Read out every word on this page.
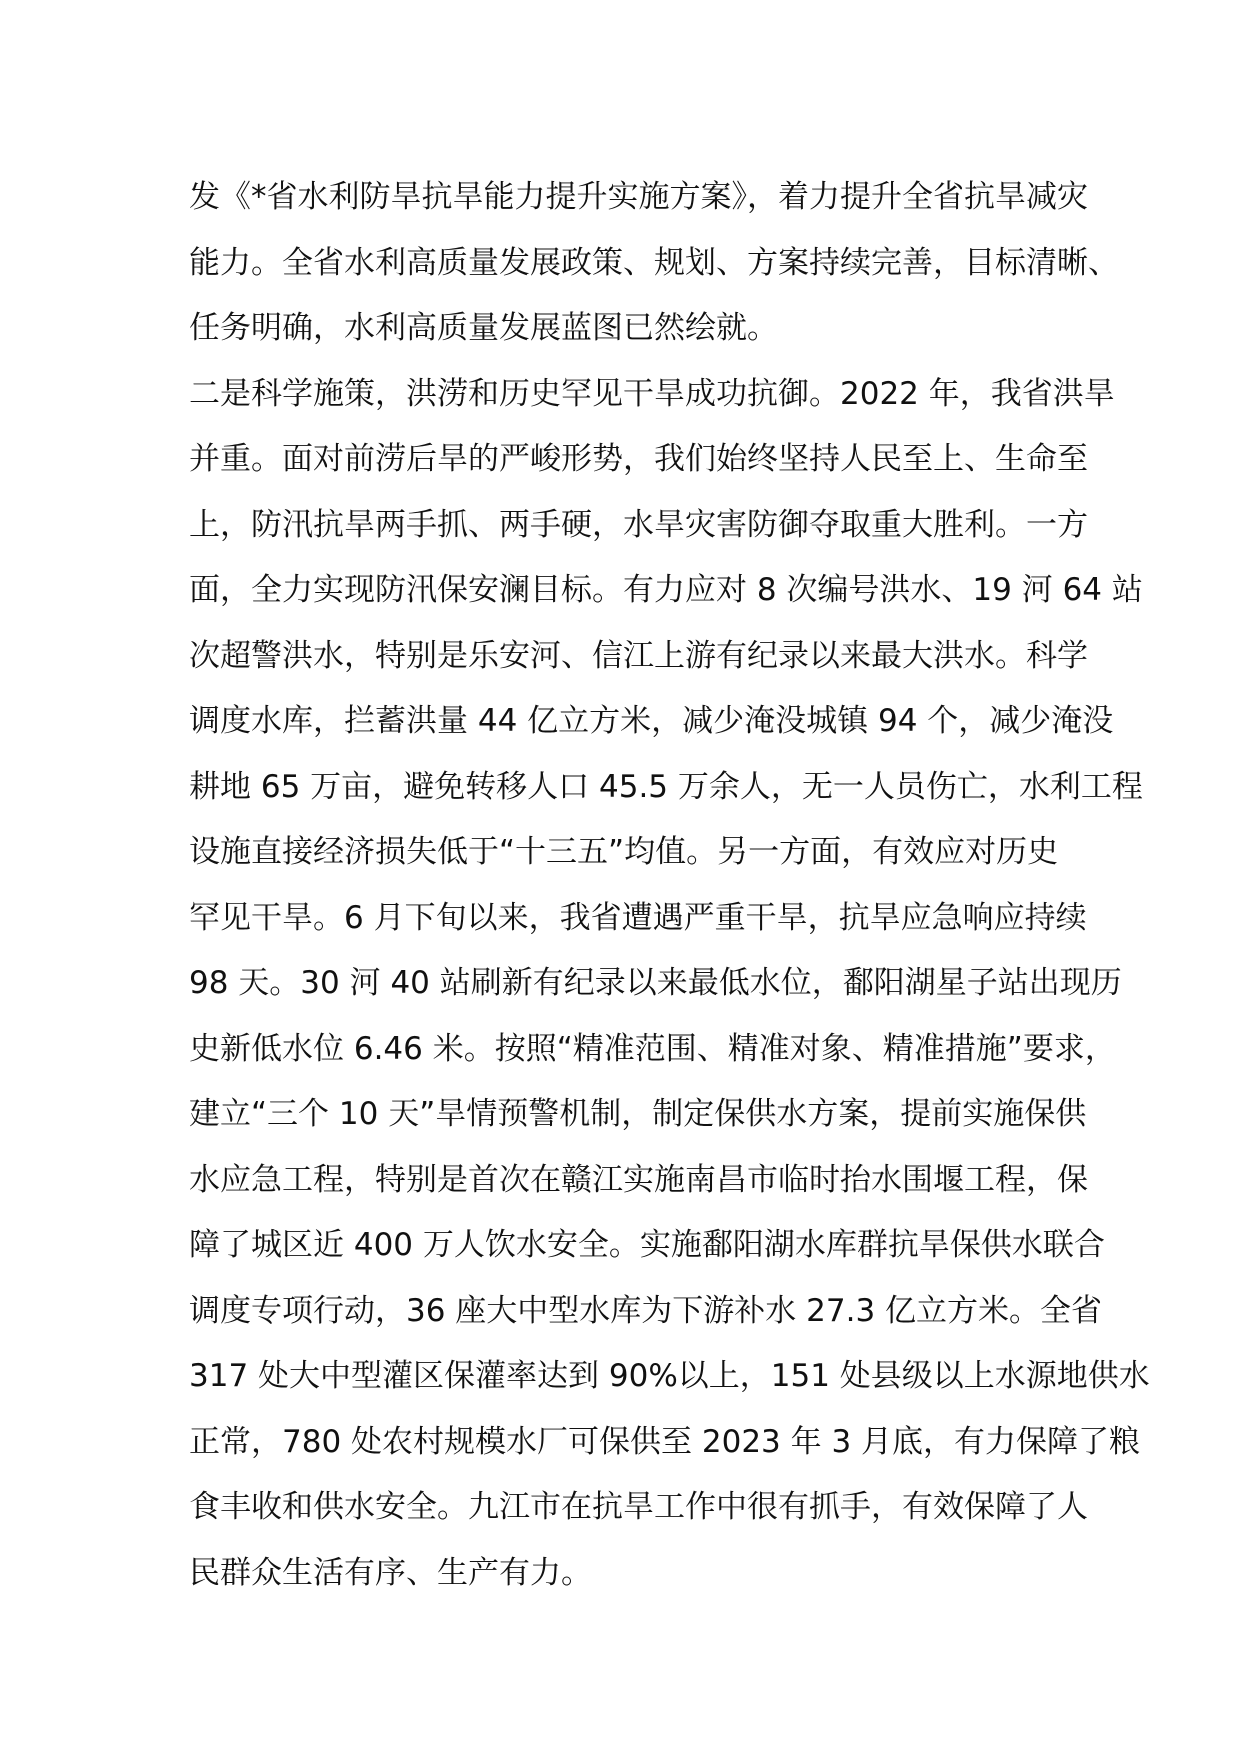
发《*省水利防旱抗旱能力提升实施方案》，着力提升全省抗旱减灾
能力。全省水利高质量发展政策、规划、方案持续完善，目标清晰、
任务明确，水利高质量发展蓝图已然绘就。
二是科学施策，洪涝和历史罕见干旱成功抗御。2022 年，我省洪旱
并重。面对前涝后旱的严峻形势，我们始终坚持人民至上、生命至
上，防汛抗旱两手抓、两手硬，水旱灾害防御夺取重大胜利。一方
面，全力实现防汛保安澜目标。有力应对 8 次编号洪水、19 河 64 站
次超警洪水，特别是乐安河、信江上游有纪录以来最大洪水。科学
调度水库，拦蓄洪量 44 亿立方米，减少淹没城镇 94 个，减少淹没
耕地 65 万亩，避免转移人口 45.5 万余人，无一人员伤亡，水利工程
设施直接经济损失低于“十三五”均值。另一方面，有效应对历史
罕见干旱。6 月下旬以来，我省遭遇严重干旱，抗旱应急响应持续
98 天。30 河 40 站刷新有纪录以来最低水位，鄱阳湖星子站出现历
史新低水位 6.46 米。按照“精准范围、精准对象、精准措施”要求，
建立“三个 10 天”旱情预警机制，制定保供水方案，提前实施保供
水应急工程，特别是首次在赣江实施南昌市临时抬水围堰工程，保
障了城区近 400 万人饮水安全。实施鄱阳湖水库群抗旱保供水联合
调度专项行动，36 座大中型水库为下游补水 27.3 亿立方米。全省
317 处大中型灌区保灌率达到 90%以上，151 处县级以上水源地供水
正常，780 处农村规模水厂可保供至 2023 年 3 月底，有力保障了粮
食丰收和供水安全。九江市在抗旱工作中很有抓手，有效保障了人
民群众生活有序、生产有力。
